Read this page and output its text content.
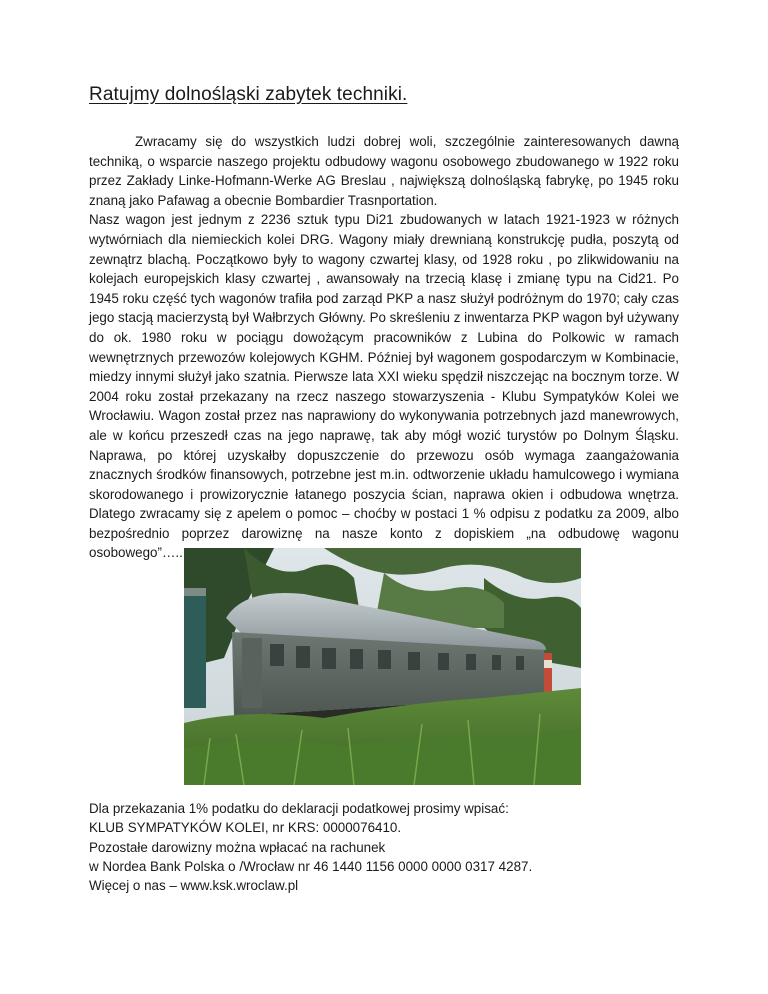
Ratujmy dolnośląski zabytek techniki.

Zwracamy się do wszystkich ludzi dobrej woli, szczególnie zainteresowanych dawną techniką, o wsparcie naszego projektu odbudowy wagonu osobowego zbudowanego w 1922 roku przez Zakłady Linke-Hofmann-Werke AG Breslau , największą dolnośląską fabrykę, po 1945 roku znaną jako Pafawag a obecnie Bombardier Trasnportation.

Nasz wagon jest jednym z 2236 sztuk typu Di21 zbudowanych w latach 1921-1923 w różnych wytwórniach dla niemieckich kolei DRG. Wagony miały drewnianą konstrukcję pudła, poszytą od zewnątrz blachą. Początkowo były to wagony czwartej klasy, od 1928 roku , po zlikwidowaniu na kolejach europejskich klasy czwartej , awansowały na trzecią klasę i zmianę typu na Cid21. Po 1945 roku część tych wagonów trafiła pod zarząd PKP a nasz służył podróżnym do 1970; cały czas jego stacją macierzystą był Wałbrzych Główny. Po skreśleniu z inwentarza PKP wagon był używany do ok. 1980 roku w pociągu dowożącym pracowników z Lubina do Polkowic w ramach wewnętrznych przewozów kolejowych KGHM. Później był wagonem gospodarczym w Kombinacie, miedzy innymi służył jako szatnia. Pierwsze lata XXI wieku spędził niszczejąc na bocznym torze. W 2004 roku został przekazany na rzecz naszego stowarzyszenia - Klubu Sympatyków Kolei we Wrocławiu. Wagon został przez nas naprawiony do wykonywania potrzebnych jazd manewrowych, ale w końcu przeszedł czas na jego naprawę, tak aby mógł wozić turystów po Dolnym Śląsku. Naprawa, po której uzyskałby dopuszczenie do przewozu osób wymaga zaangażowania znacznych środków finansowych, potrzebne jest m.in. odtworzenie układu hamulcowego i wymiana skorodowanego i prowizorycznie łatanego poszycia ścian, naprawa okien i odbudowa wnętrza. Dlatego zwracamy się z apelem o pomoc – choćby w postaci 1 % odpisu z podatku za 2009, albo bezpośrednio poprzez darowiznę na nasze konto z dopiskiem „na odbudowę wagonu osobowego”…..

Dla przekazania 1% podatku do deklaracji podatkowej prosimy wpisać:
KLUB SYMPATYKÓW KOLEI, nr KRS: 0000076410.
Pozostałe darowizny można wpłacać na rachunek
w Nordea Bank Polska o /Wrocław nr 46 1440 1156 0000 0000 0317 4287.
Więcej o nas – www.ksk.wroclaw.pl
